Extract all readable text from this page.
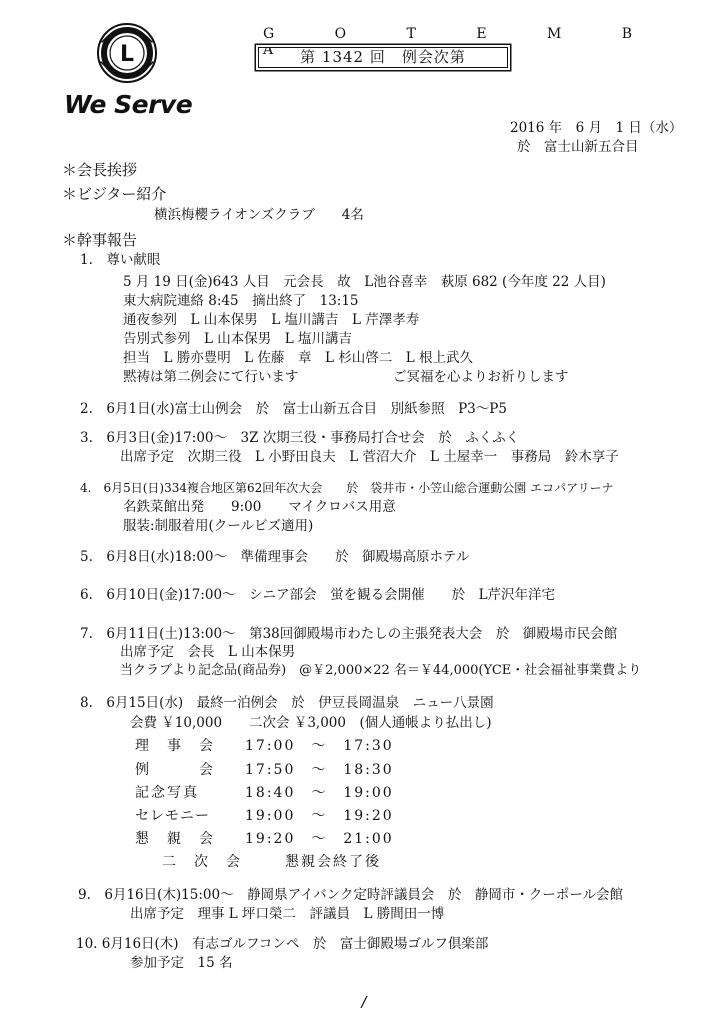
L
We Serve
G O T E M B A 第 1342 回　例会次第
2016 年　6 月　1 日（水）
於　富士山新五合目
＊会長挨拶
＊ビジター紹介
横浜梅櫻ライオンズクラブ　　4名
＊幹事報告
1.　尊い献眼
5 月 19 日(金)643 人目　元会長　故　L池谷喜幸　萩原 682 (今年度 22 人目)
東大病院連絡 8:45　摘出終了　13:15
通夜参列　L 山本保男　L 塩川講吉　L 芹澤孝寿
告別式参列　L 山本保男　L 塩川講吉
担当　L 勝亦豊明　L 佐藤　章　L 杉山啓二　L 根上武久
黙祷は第二例会にて行います　　　　　　　ご冥福を心よりお祈りします
2.　6月1日(水)富士山例会　於　富士山新五合目　別紙参照　P3～P5
3.　6月3日(金)17:00～　3Z 次期三役・事務局打合せ会　於　ふくふく
出席予定　次期三役　L 小野田良夫　L 菅沼大介　L 土屋幸一　事務局　鈴木享子
4.　6月5日(日)334複合地区第62回年次大会　　於　袋井市・小笠山総合運動公園 エコパアリーナ
名鉄菜館出発　　9:00　　マイクロバス用意
服装:制服着用(クールビズ適用)
5.　6月8日(水)18:00～　準備理事会　　於　御殿場高原ホテル
6.　6月10日(金)17:00～　シニア部会　蛍を観る会開催　　於　L芹沢年洋宅
7.　6月11日(土)13:00～　第38回御殿場市わたしの主張発表大会　於　御殿場市民会館
出席予定　会長　L 山本保男
当クラブより記念品(商品券)　@￥2,000×22 名＝￥44,000(YCE・社会福祉事業費より
8.　6月15日(水)　最終一泊例会　於　伊豆長岡温泉　ニュー八景園
会費 ￥10,000　　二次会 ￥3,000　(個人通帳より払出し)
理　事　会 17:00　～　17:30
例　　　会 17:50　～　18:30
記念写真	18:40　～　19:00
セレモニー	19:00　～　19:20
懇　親　会 19:20　～　21:00
二　次　会	懇親会終了後
9.　6月16日(木)15:00～　静岡県アイバンク定時評議員会　於　静岡市・クーポール会館
出席予定　理事 L 坪口榮二　評議員　L 勝間田一博
10. 6月16日(木)　有志ゴルフコンペ　於　富士御殿場ゴルフ倶楽部
参加予定　15 名
